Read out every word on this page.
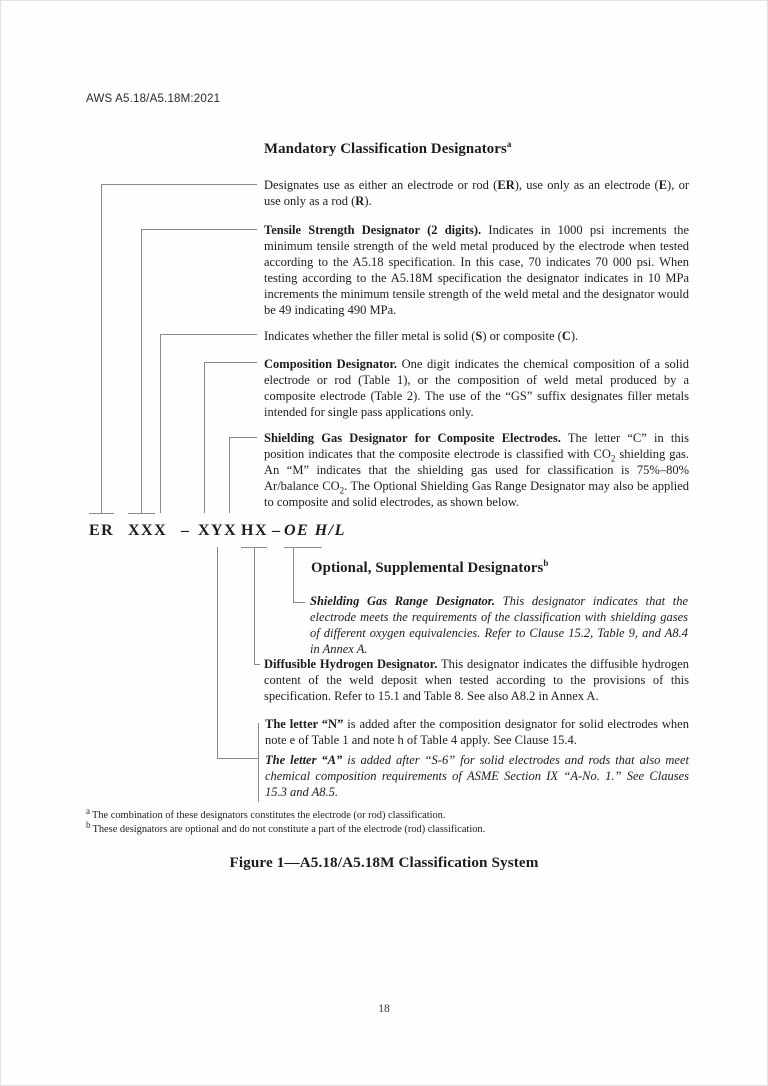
AWS A5.18/A5.18M:2021
Mandatory Classification Designators$^a$
Designates use as either an electrode or rod (ER), use only as an electrode (E), or use only as a rod (R).
Tensile Strength Designator (2 digits). Indicates in 1000 psi increments the minimum tensile strength of the weld metal produced by the electrode when tested according to the A5.18 specification. In this case, 70 indicates 70 000 psi. When testing according to the A5.18M specification the designator indicates in 10 MPa increments the minimum tensile strength of the weld metal and the designator would be 49 indicating 490 MPa.
Indicates whether the filler metal is solid (S) or composite (C).
Composition Designator. One digit indicates the chemical composition of a solid electrode or rod (Table 1), or the composition of weld metal produced by a composite electrode (Table 2). The use of the “GS” suffix designates filler metals intended for single pass applications only.
Shielding Gas Designator for Composite Electrodes. The letter “C” in this position indicates that the composite electrode is classified with $CO_2$ shielding gas. An “M” indicates that the shielding gas used for classification is 75%–80% Ar/balance $CO_2$. The Optional Shielding Gas Range Designator may also be applied to composite and solid electrodes, as shown below.
ER XXX – XYX HX – OE H/L
Optional, Supplemental Designators$^b$
Shielding Gas Range Designator. This designator indicates that the electrode meets the requirements of the classification with shielding gases of different oxygen equivalencies. Refer to Clause 15.2, Table 9, and A8.4 in Annex A.
Diffusible Hydrogen Designator. This designator indicates the diffusible hydrogen content of the weld deposit when tested according to the provisions of this specification. Refer to 15.1 and Table 8. See also A8.2 in Annex A.
The letter “N” is added after the composition designator for solid electrodes when note e of Table 1 and note h of Table 4 apply. See Clause 15.4.
The letter “A” is added after “S-6” for solid electrodes and rods that also meet chemical composition requirements of ASME Section IX “A-No. 1.” See Clauses 15.3 and A8.5.
$^a$ The combination of these designators constitutes the electrode (or rod) classification.
$^b$ These designators are optional and do not constitute a part of the electrode (rod) classification.
Figure 1—A5.18/A5.18M Classification System
18
